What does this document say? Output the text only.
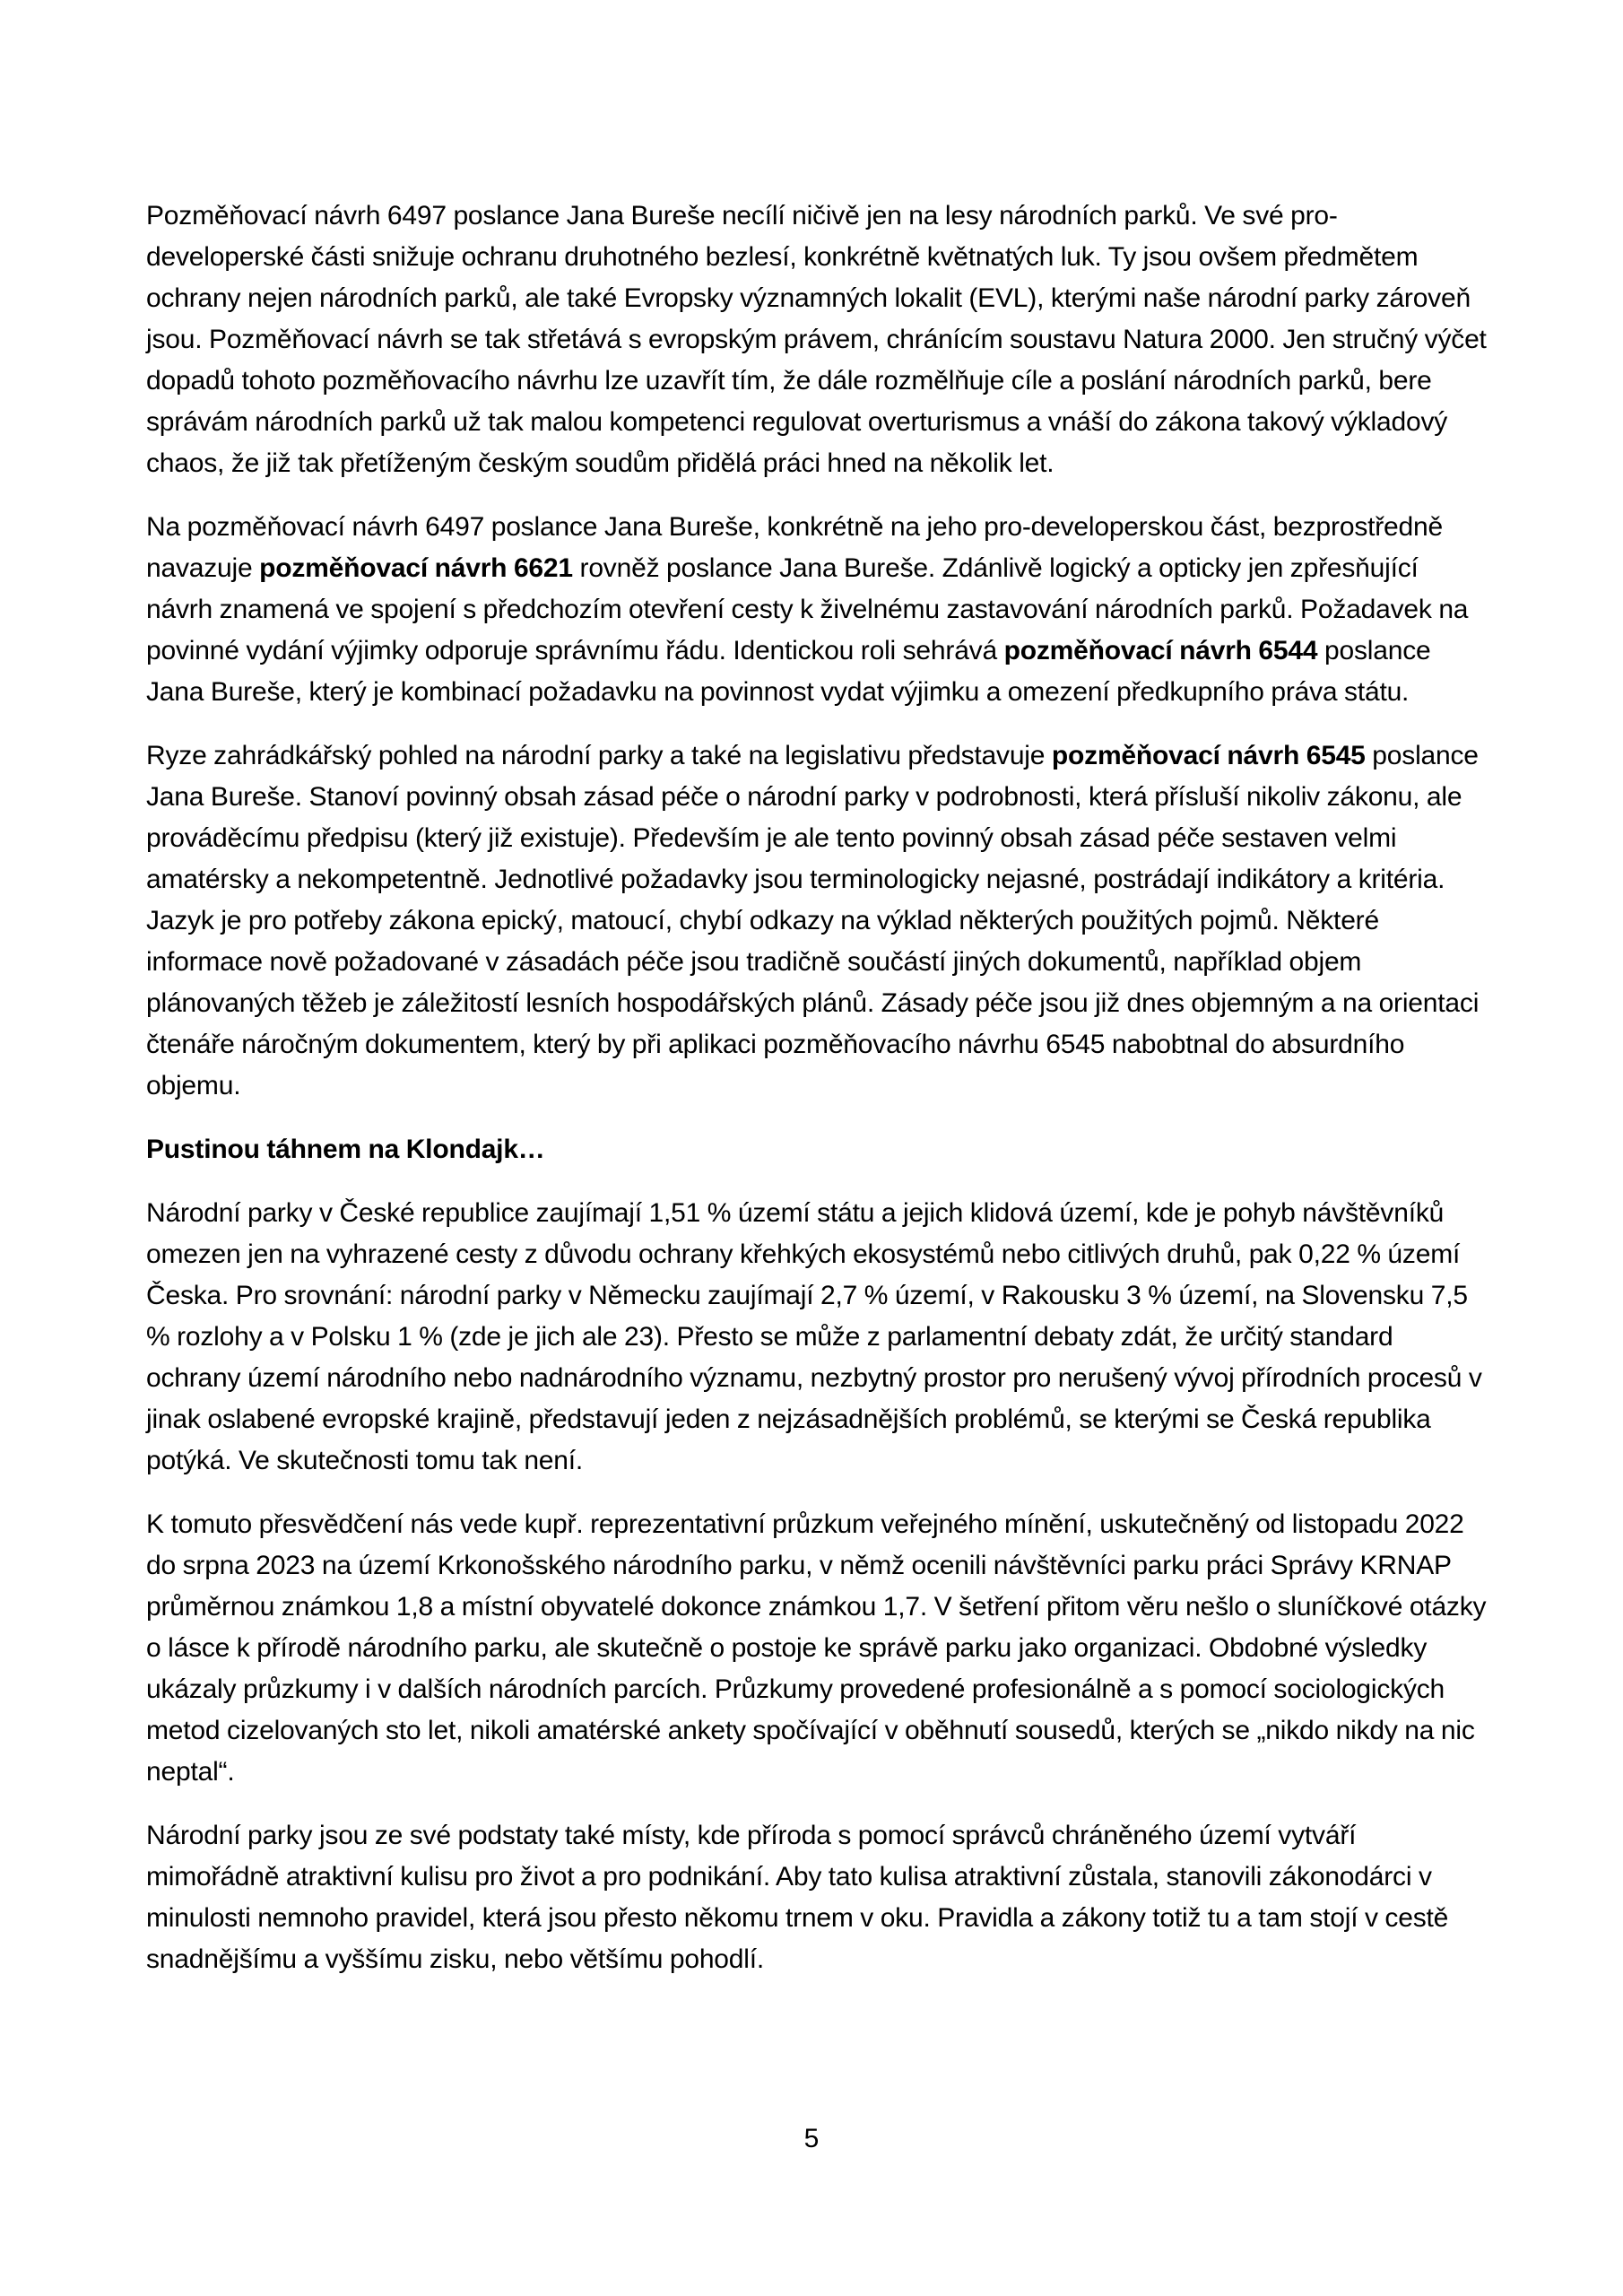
Pozměňovací návrh 6497 poslance Jana Bureše necílí ničivě jen na lesy národních parků. Ve své pro-developerské části snižuje ochranu druhotného bezlesí, konkrétně květnatých luk. Ty jsou ovšem předmětem ochrany nejen národních parků, ale také Evropsky významných lokalit (EVL), kterými naše národní parky zároveň jsou. Pozměňovací návrh se tak střetává s evropským právem, chránícím soustavu Natura 2000. Jen stručný výčet dopadů tohoto pozměňovacího návrhu lze uzavřít tím, že dále rozmělňuje cíle a poslání národních parků, bere správám národních parků už tak malou kompetenci regulovat overturismus a vnáší do zákona takový výkladový chaos, že již tak přetíženým českým soudům přidělá práci hned na několik let.

Na pozměňovací návrh 6497 poslance Jana Bureše, konkrétně na jeho pro-developerskou část, bezprostředně navazuje pozměňovací návrh 6621 rovněž poslance Jana Bureše. Zdánlivě logický a opticky jen zpřesňující návrh znamená ve spojení s předchozím otevření cesty k živelnému zastavování národních parků. Požadavek na povinné vydání výjimky odporuje správnímu řádu. Identickou roli sehrává pozměňovací návrh 6544 poslance Jana Bureše, který je kombinací požadavku na povinnost vydat výjimku a omezení předkupního práva státu.

Ryze zahrádkářský pohled na národní parky a také na legislativu představuje pozměňovací návrh 6545 poslance Jana Bureše. Stanoví povinný obsah zásad péče o národní parky v podrobnosti, která přísluší nikoliv zákonu, ale prováděcímu předpisu (který již existuje). Především je ale tento povinný obsah zásad péče sestaven velmi amatérsky a nekompetentně. Jednotlivé požadavky jsou terminologicky nejasné, postrádají indikátory a kritéria. Jazyk je pro potřeby zákona epický, matoucí, chybí odkazy na výklad některých použitých pojmů. Některé informace nově požadované v zásadách péče jsou tradičně součástí jiných dokumentů, například objem plánovaných těžeb je záležitostí lesních hospodářských plánů. Zásady péče jsou již dnes objemným a na orientaci čtenáře náročným dokumentem, který by při aplikaci pozměňovacího návrhu 6545 nabobtnal do absurdního objemu.

Pustinou táhnem na Klondajk…

Národní parky v České republice zaujímají 1,51 % území státu a jejich klidová území, kde je pohyb návštěvníků omezen jen na vyhrazené cesty z důvodu ochrany křehkých ekosystémů nebo citlivých druhů, pak 0,22 % území Česka. Pro srovnání: národní parky v Německu zaujímají 2,7 % území, v Rakousku 3 % území, na Slovensku 7,5 % rozlohy a v Polsku 1 % (zde je jich ale 23). Přesto se může z parlamentní debaty zdát, že určitý standard ochrany území národního nebo nadnárodního významu, nezbytný prostor pro nerušený vývoj přírodních procesů v jinak oslabené evropské krajině, představují jeden z nejzásadnějších problémů, se kterými se Česká republika potýká. Ve skutečnosti tomu tak není.

K tomuto přesvědčení nás vede kupř. reprezentativní průzkum veřejného mínění, uskutečněný od listopadu 2022 do srpna 2023 na území Krkonošského národního parku, v němž ocenili návštěvníci parku práci Správy KRNAP průměrnou známkou 1,8 a místní obyvatelé dokonce známkou 1,7. V šetření přitom věru nešlo o sluníčkové otázky o lásce k přírodě národního parku, ale skutečně o postoje ke správě parku jako organizaci. Obdobné výsledky ukázaly průzkumy i v dalších národních parcích. Průzkumy provedené profesionálně a s pomocí sociologických metod cizelovaných sto let, nikoli amatérské ankety spočívající v oběhnutí sousedů, kterých se „nikdo nikdy na nic neptal“.

Národní parky jsou ze své podstaty také místy, kde příroda s pomocí správců chráněného území vytváří mimořádně atraktivní kulisu pro život a pro podnikání. Aby tato kulisa atraktivní zůstala, stanovili zákonodárci v minulosti nemnoho pravidel, která jsou přesto někomu trnem v oku. Pravidla a zákony totiž tu a tam stojí v cestě snadnějšímu a vyššímu zisku, nebo většímu pohodlí.

5
